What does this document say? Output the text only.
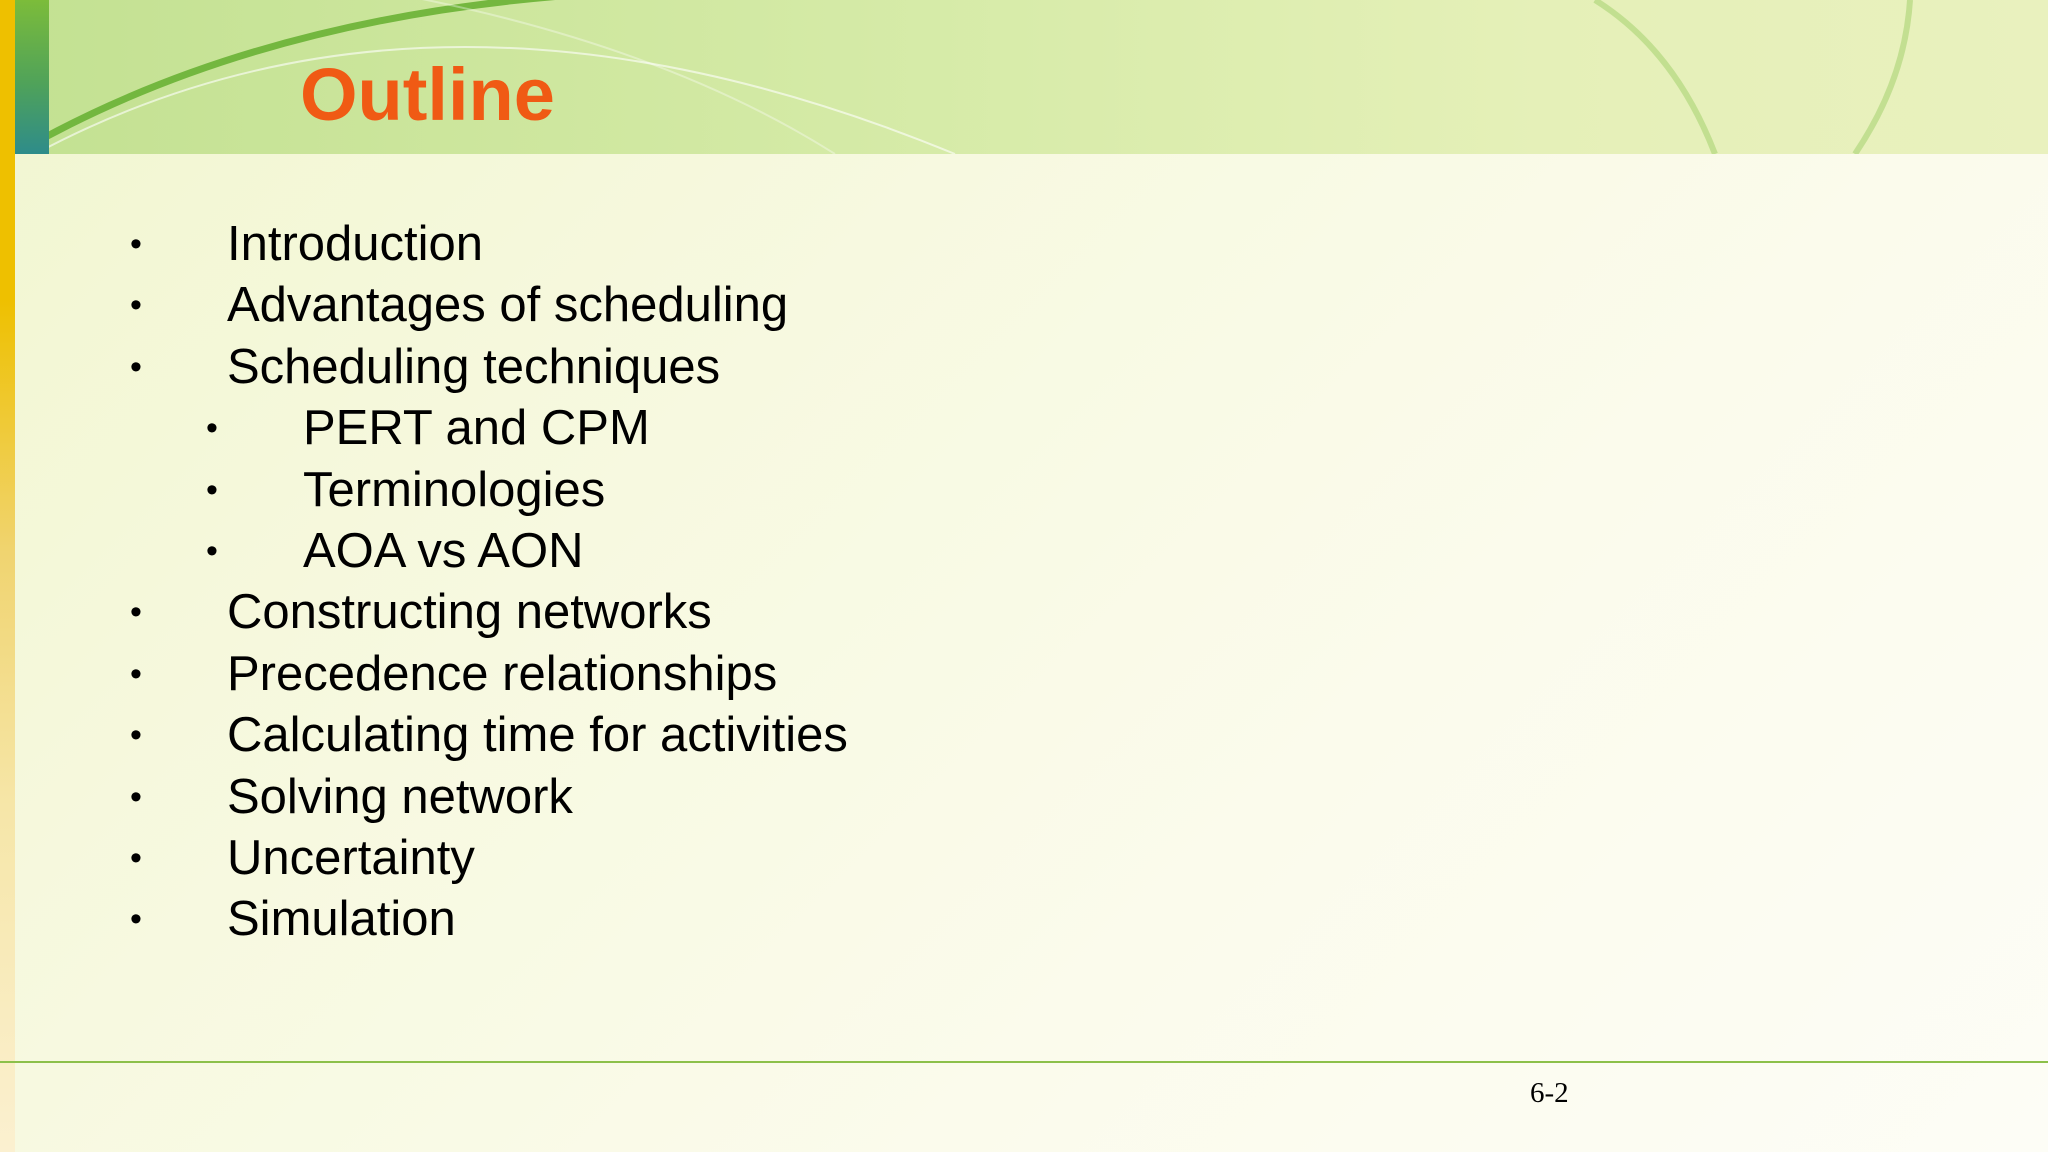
Outline
• Introduction
• Advantages of scheduling
• Scheduling techniques
• PERT and CPM
• Terminologies
• AOA vs AON
• Constructing networks
• Precedence relationships
• Calculating time for activities
• Solving network
• Uncertainty
• Simulation
6-2
